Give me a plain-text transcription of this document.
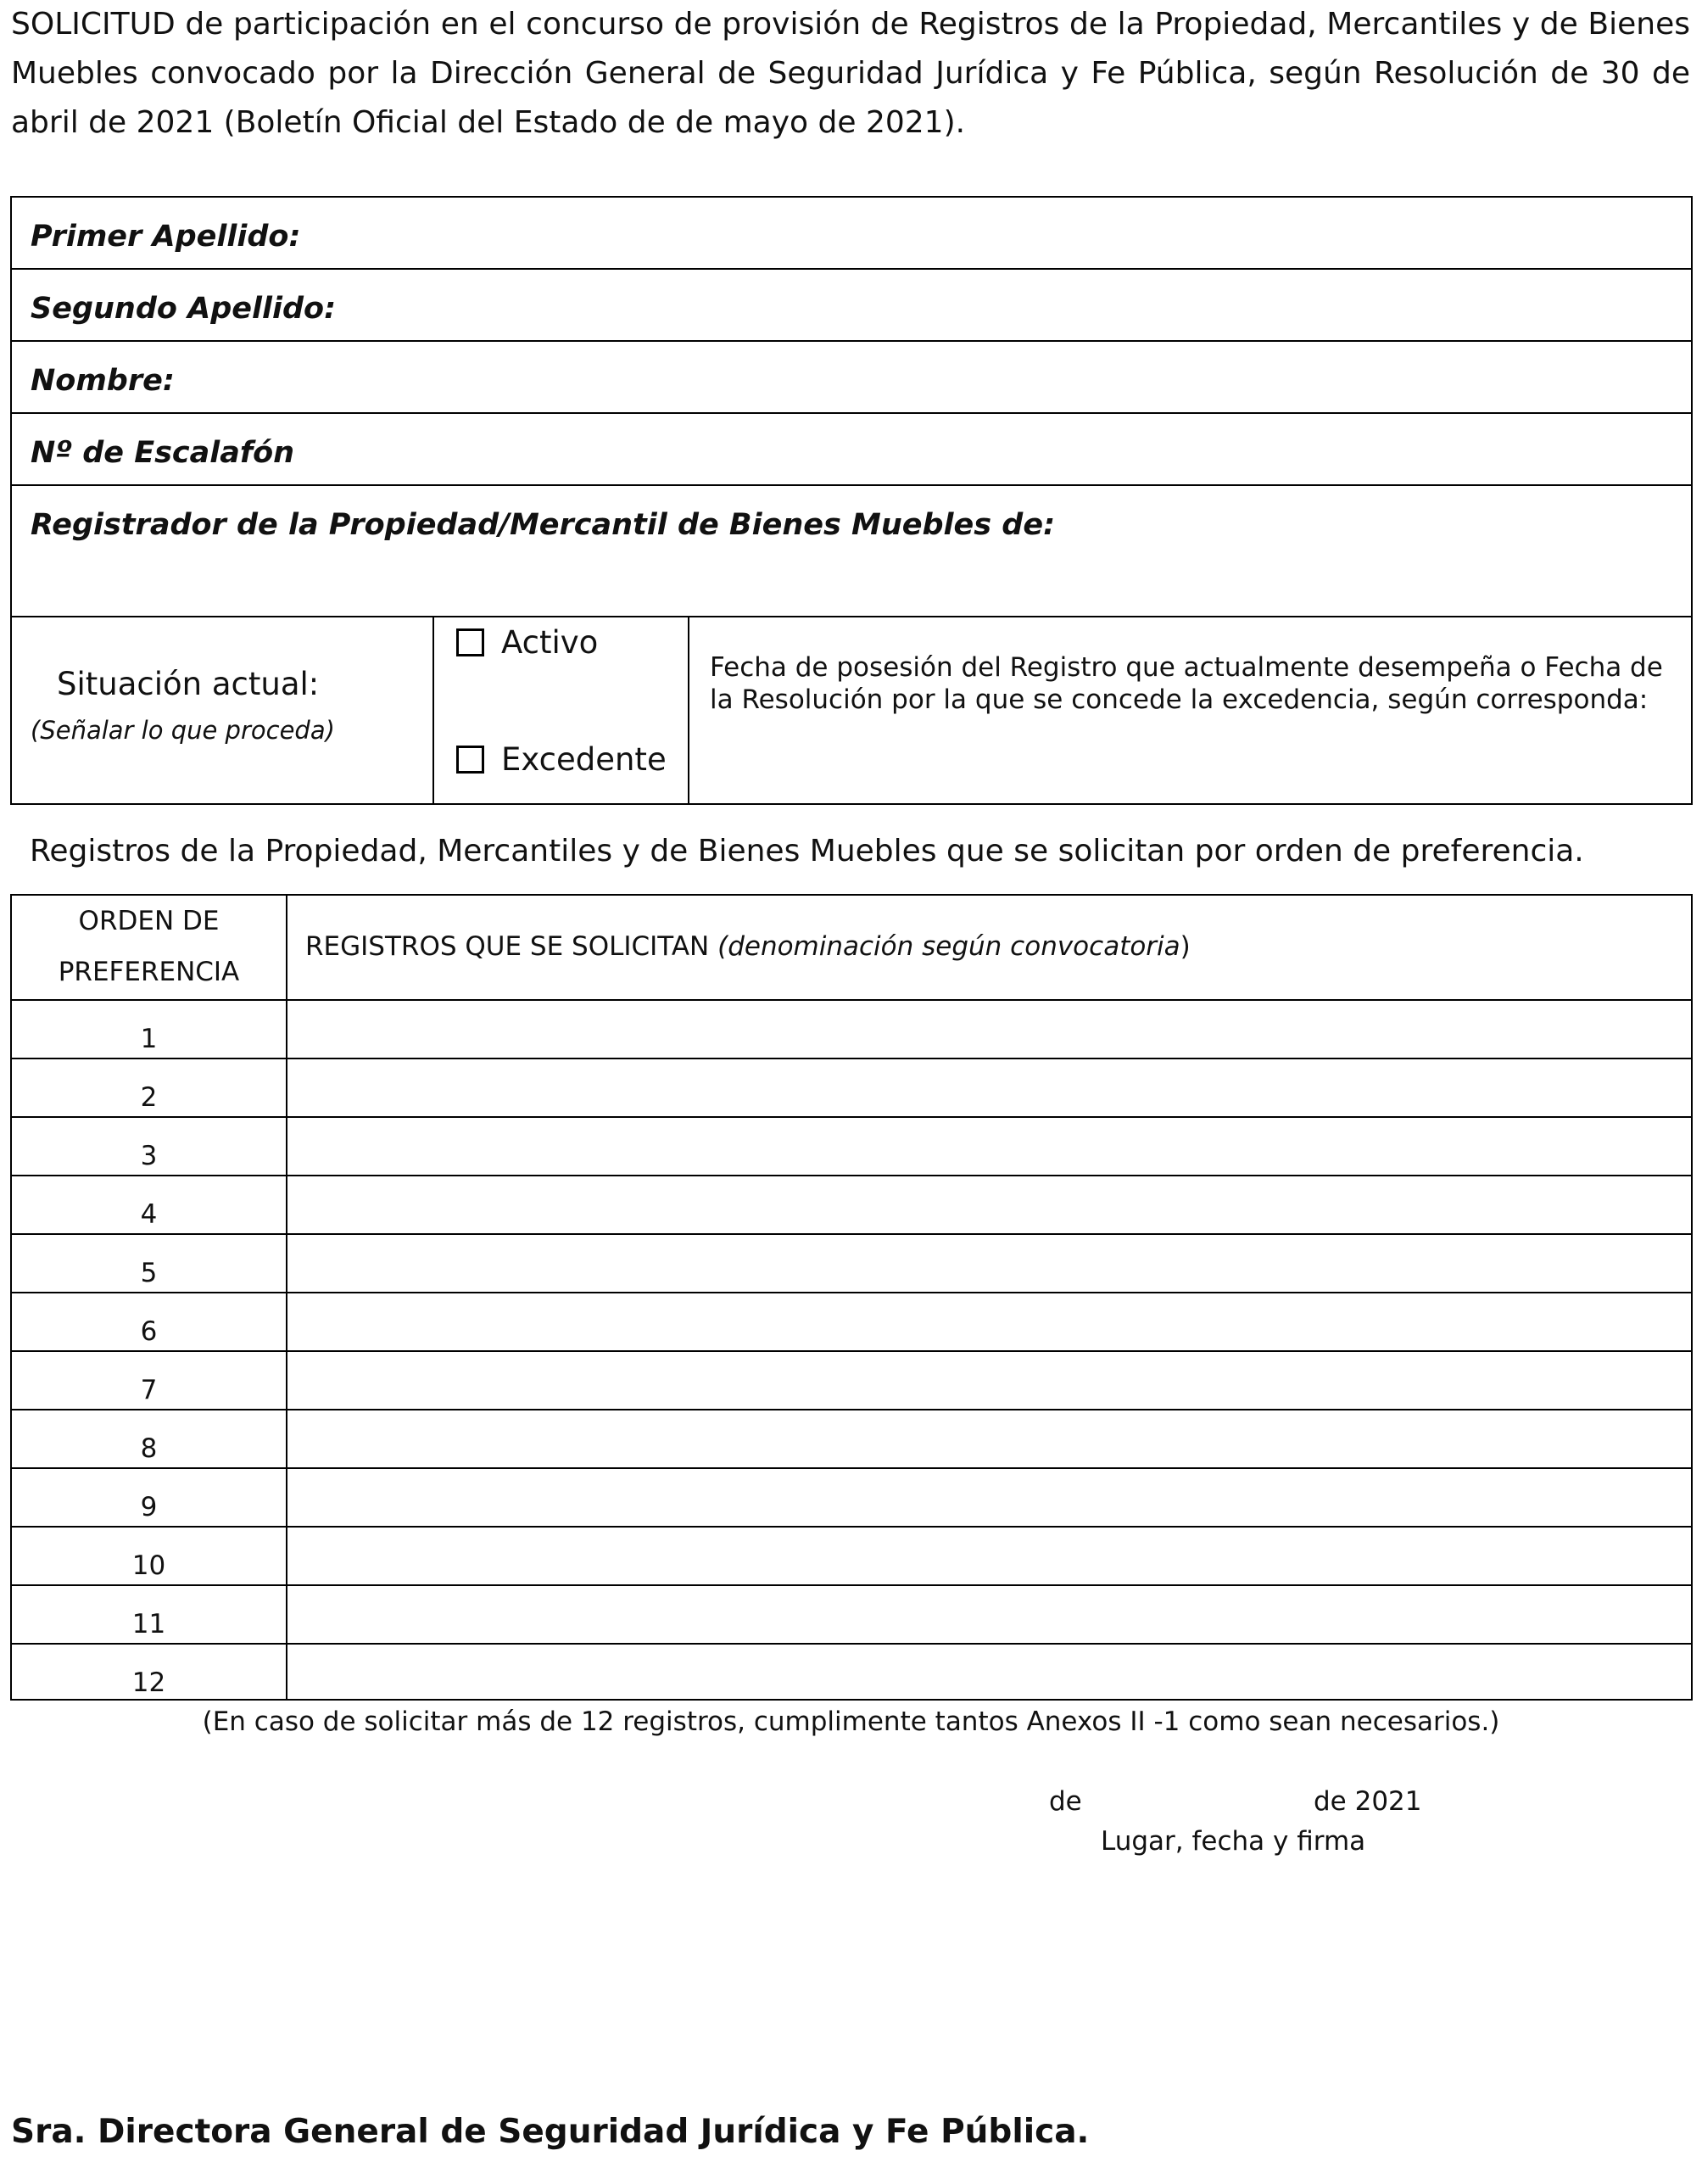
SOLICITUD de participación en el concurso de provisión de Registros de la Propiedad, Mercantiles y de Bienes Muebles convocado por la Dirección General de Seguridad Jurídica y Fe Pública, según Resolución de 30 de abril de 2021 (Boletín Oficial del Estado de de mayo de 2021).
Primer Apellido:
Segundo Apellido:
Nombre:
Nº de Escalafón
Registrador de la Propiedad/Mercantil de Bienes Muebles de:
Situación actual:
(Señalar lo que proceda)
Activo
Excedente
Fecha de posesión del Registro que actualmente desempeña o Fecha de la Resolución por la que se concede la excedencia, según corresponda:
Registros de la Propiedad, Mercantiles y de Bienes Muebles que se solicitan por orden de preferencia.
ORDEN DE
PREFERENCIA
REGISTROS QUE SE SOLICITAN (denominación según convocatoria)
1
2
3
4
5
6
7
8
9
10
11
12
(En caso de solicitar más de 12 registros, cumplimente tantos Anexos II -1 como sean necesarios.)
de	de 2021
Lugar, fecha y firma
Sra. Directora General de Seguridad Jurídica y Fe Pública.
